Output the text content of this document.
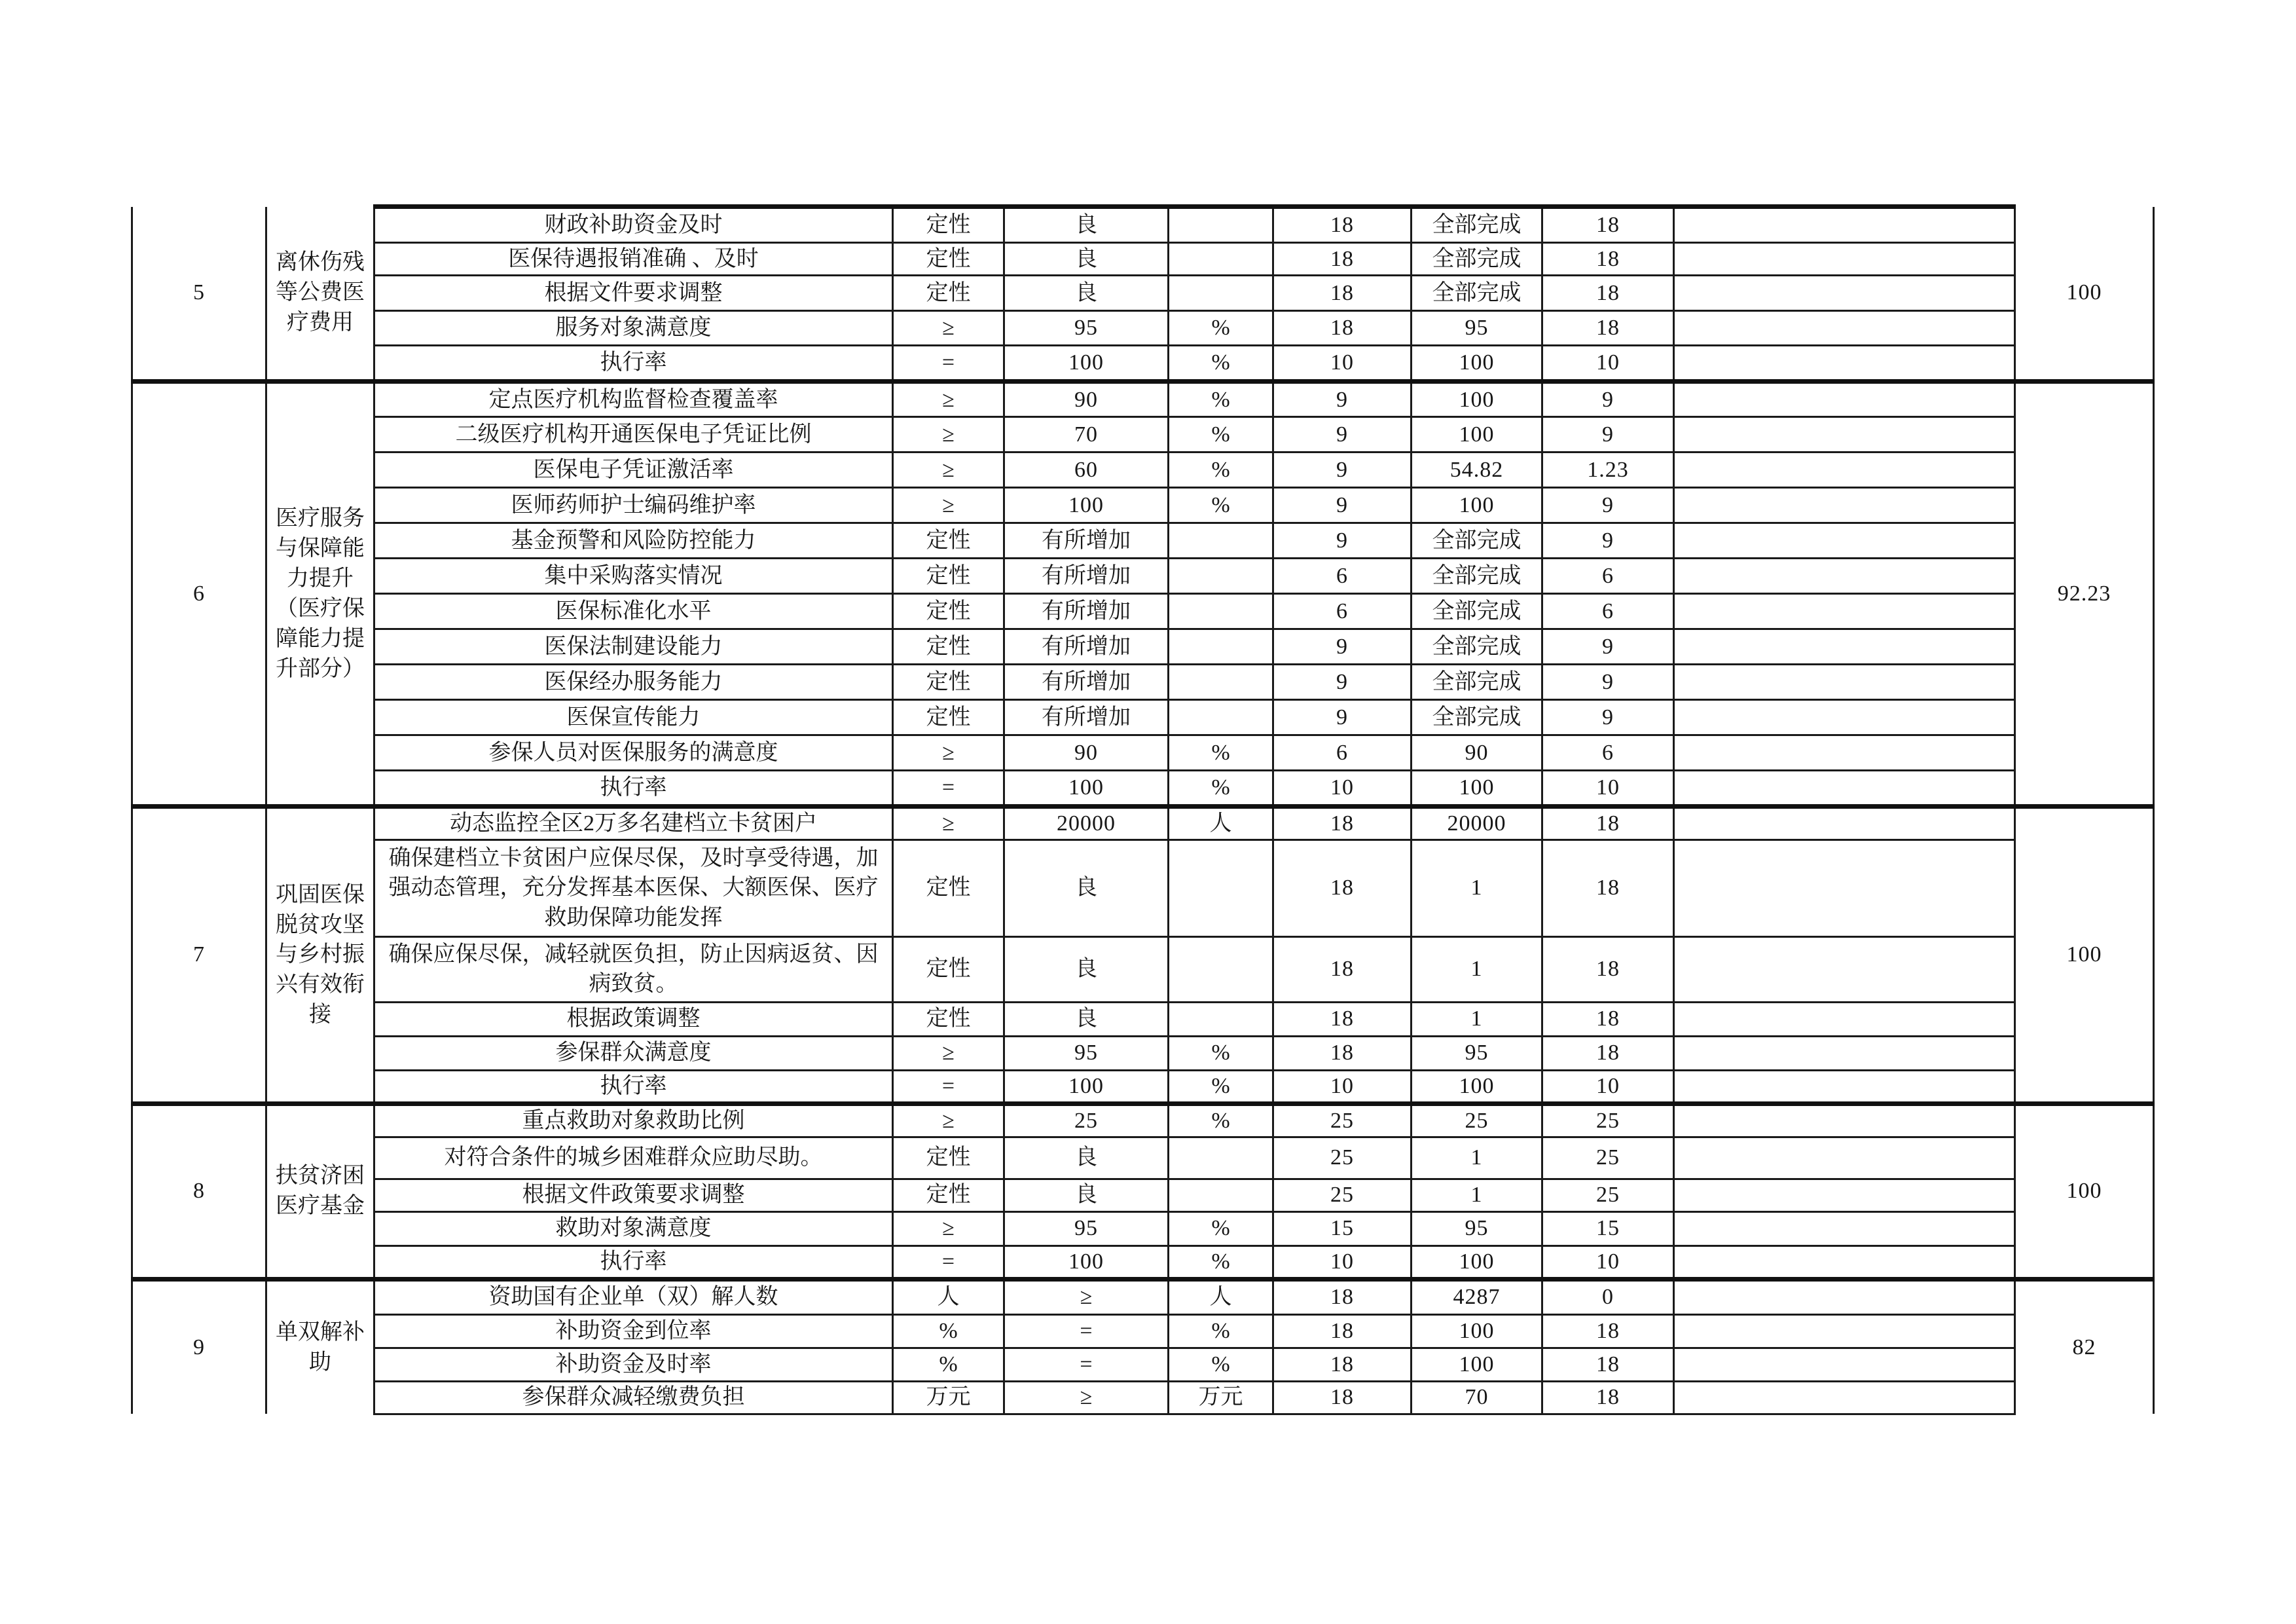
5	离休伤残等公费医疗费用	财政补助资金及时	定性	良		18	全部完成	18		100
		医保待遇报销准确 、及时	定性	良		18	全部完成	18		
		根据文件要求调整	定性	良		18	全部完成	18		
		服务对象满意度	≥	95	%	18	95	18		
		执行率	=	100	%	10	100	10		
6	医疗服务与保障能力提升（医疗保障能力提升部分）	定点医疗机构监督检查覆盖率	≥	90	%	9	100	9		92.23
		二级医疗机构开通医保电子凭证比例	≥	70	%	9	100	9		
		医保电子凭证激活率	≥	60	%	9	54.82	1.23		
		医师药师护士编码维护率	≥	100	%	9	100	9		
		基金预警和风险防控能力	定性	有所增加		9	全部完成	9		
		集中采购落实情况	定性	有所增加		6	全部完成	6		
		医保标准化水平	定性	有所增加		6	全部完成	6		
		医保法制建设能力	定性	有所增加		9	全部完成	9		
		医保经办服务能力	定性	有所增加		9	全部完成	9		
		医保宣传能力	定性	有所增加		9	全部完成	9		
		参保人员对医保服务的满意度	≥	90	%	6	90	6		
		执行率	=	100	%	10	100	10		
7	巩固医保脱贫攻坚与乡村振兴有效衔接	动态监控全区2万多名建档立卡贫困户	≥	20000	人	18	20000	18		100
		确保建档立卡贫困户应保尽保，及时享受待遇，加强动态管理，充分发挥基本医保、大额医保、医疗救助保障功能发挥	定性	良		18	1	18		
		确保应保尽保，减轻就医负担，防止因病返贫、因病致贫。	定性	良		18	1	18		
		根据政策调整	定性	良		18	1	18		
		参保群众满意度	≥	95	%	18	95	18		
		执行率	=	100	%	10	100	10		
8	扶贫济困医疗基金	重点救助对象救助比例	≥	25	%	25	25	25		100
		对符合条件的城乡困难群众应助尽助。	定性	良		25	1	25		
		根据文件政策要求调整	定性	良		25	1	25		
		救助对象满意度	≥	95	%	15	95	15		
		执行率	=	100	%	10	100	10		
9	单双解补助	资助国有企业单（双）解人数	人	≥	人	18	4287	0		82
		补助资金到位率	%	=	%	18	100	18		
		补助资金及时率	%	=	%	18	100	18		
		参保群众减轻缴费负担	万元	≥	万元	18	70	18		
